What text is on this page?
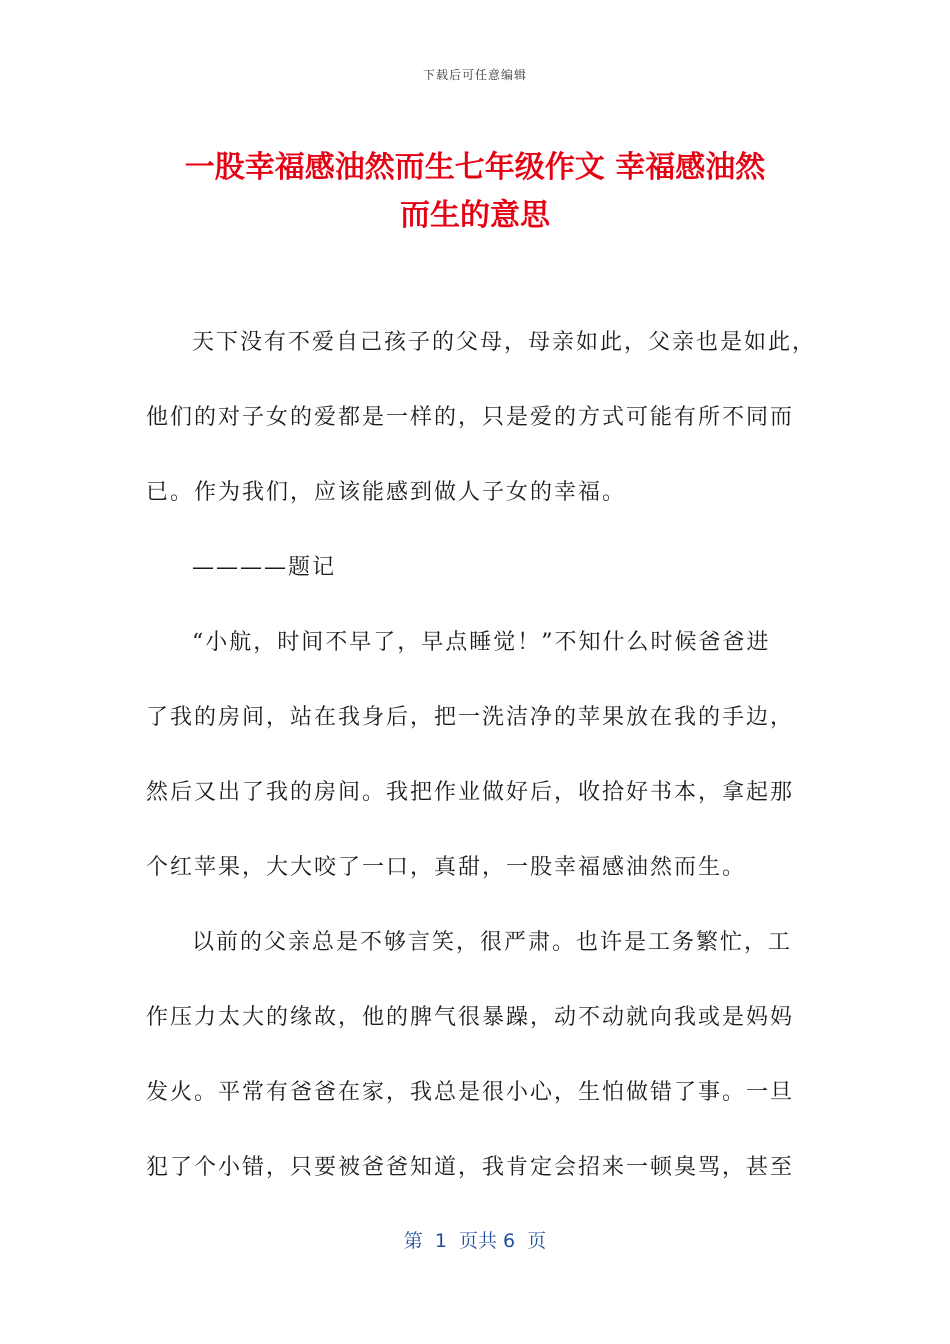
下载后可任意编辑
一股幸福感油然而生七年级作文 幸福感油然
而生的意思
天下没有不爱自己孩子的父母，母亲如此，父亲也是如此，
他们的对子女的爱都是一样的，只是爱的方式可能有所不同而
已。作为我们，应该能感到做人子女的幸福。
————题记
“小航，时间不早了，早点睡觉！”不知什么时候爸爸进
了我的房间，站在我身后，把一洗洁净的苹果放在我的手边，
然后又出了我的房间。我把作业做好后，收拾好书本，拿起那
个红苹果，大大咬了一口，真甜，一股幸福感油然而生。
以前的父亲总是不够言笑，很严肃。也许是工务繁忙，工
作压力太大的缘故，他的脾气很暴躁，动不动就向我或是妈妈
发火。平常有爸爸在家，我总是很小心，生怕做错了事。一旦
犯了个小错，只要被爸爸知道，我肯定会招来一顿臭骂，甚至
第  1  页共 6  页
